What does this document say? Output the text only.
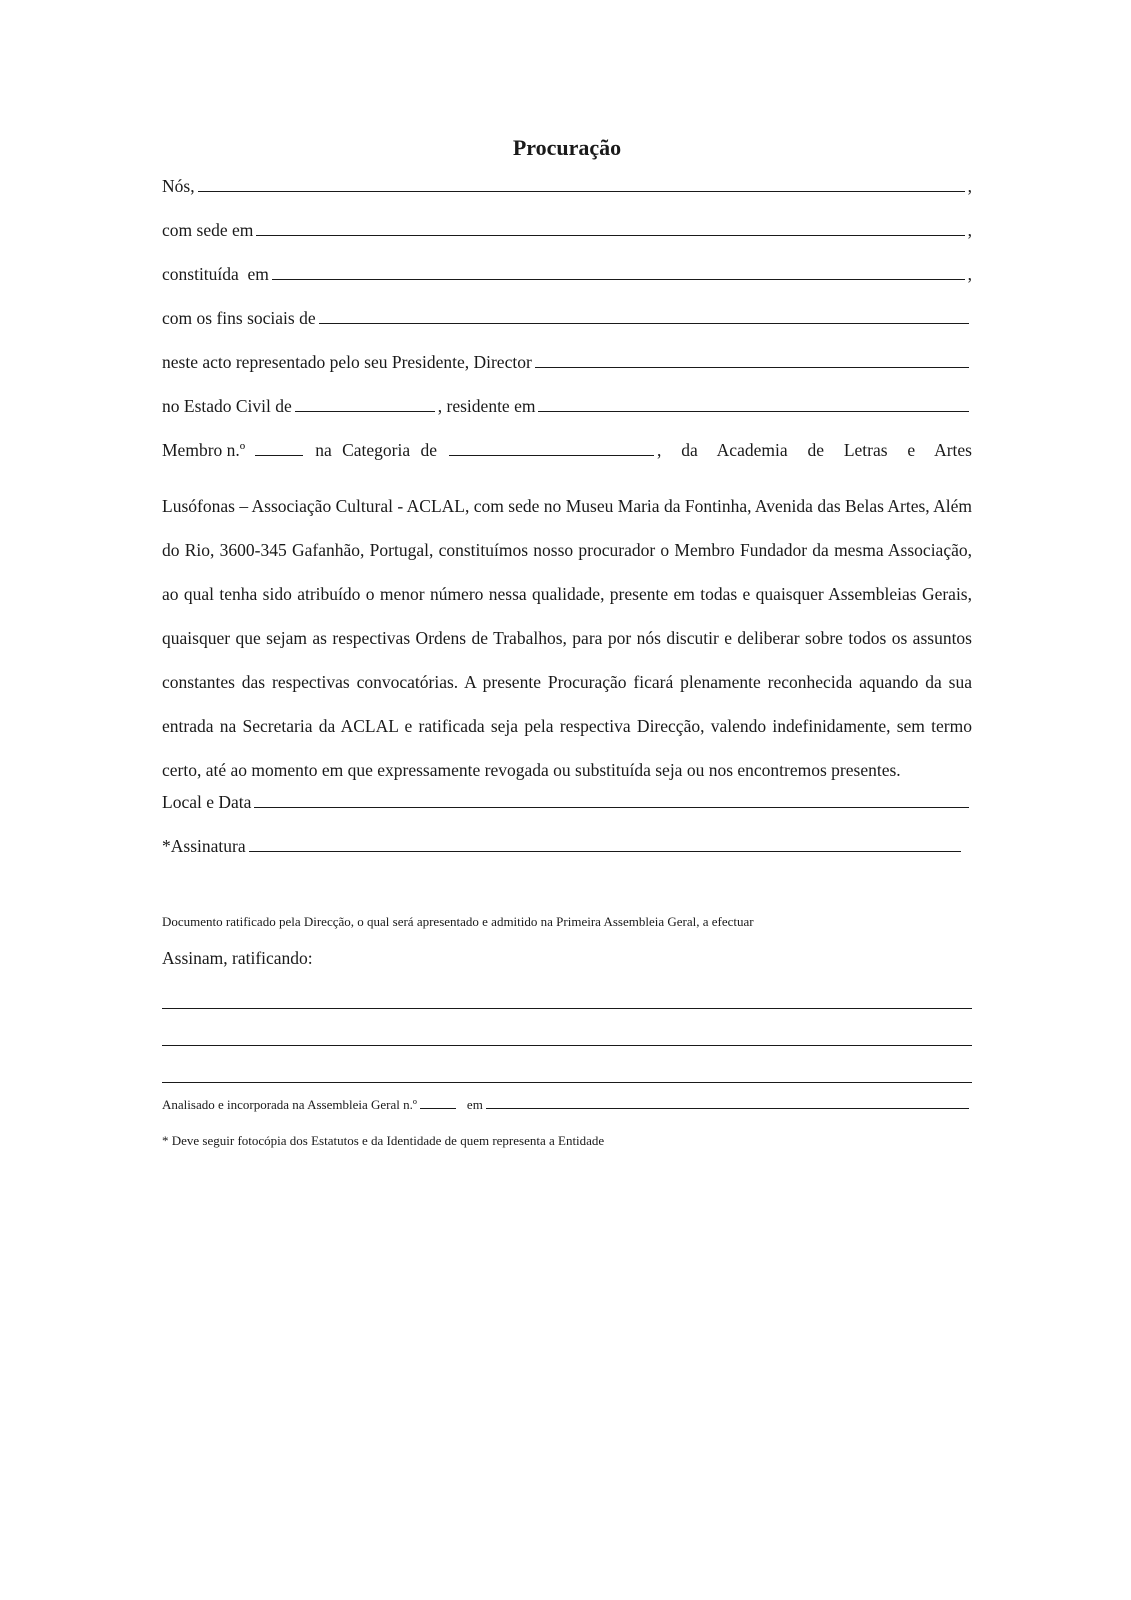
Procuração
Nós,	,
com sede em	,
constituída  em	,
com os fins sociais de
neste acto representado pelo seu Presidente, Director
no Estado Civil de	, residente em
Membro n.º	na Categoria de	, da Academia de Letras e Artes
Lusófonas – Associação Cultural - ACLAL, com sede no Museu Maria da Fontinha, Avenida das Belas Artes, Além do Rio, 3600-345 Gafanhão, Portugal, constituímos nosso procurador o Membro Fundador da mesma Associação, ao qual tenha sido atribuído o menor número nessa qualidade, presente em todas e quaisquer Assembleias Gerais, quaisquer que sejam as respectivas Ordens de Trabalhos, para por nós discutir e deliberar sobre todos os assuntos constantes das respectivas convocatórias. A presente Procuração ficará plenamente reconhecida aquando da sua entrada na Secretaria da ACLAL e ratificada seja pela respectiva Direcção, valendo indefinidamente, sem termo certo, até ao momento em que expressamente revogada ou substituída seja ou nos encontremos presentes.
Local e Data
*Assinatura
Documento ratificado pela Direcção, o qual será apresentado e admitido na Primeira Assembleia Geral, a efectuar
Assinam, ratificando:
Analisado e incorporada na Assembleia Geral n.º	em
* Deve seguir fotocópia dos Estatutos e da Identidade de quem representa a Entidade
